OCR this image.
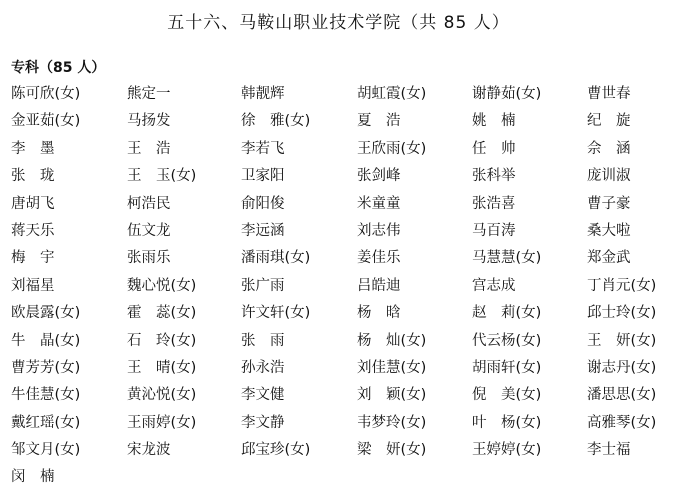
五十六、马鞍山职业技术学院（共 85 人）
专科（85 人）
陈可欣(女)	熊定一	韩靓辉	胡虹霞(女)	谢静茹(女)	曹世春
金亚茹(女)	马扬发	徐　雅(女)	夏　浩	姚　楠	纪　旋
李　墨	王　浩	李若飞	王欣雨(女)	任　帅	佘　涵
张　珑	王　玉(女)	卫家阳	张剑峰	张科举	庞训淑
唐胡飞	柯浩民	俞阳俊	米童童	张浩喜	曹子豪
蒋天乐	伍文龙	李远涵	刘志伟	马百涛	桑大啦
梅　宇	张雨乐	潘雨琪(女)	姜佳乐	马慧慧(女)	郑金武
刘福星	魏心悦(女)	张广雨	吕皓迪	宫志成	丁肖元(女)
欧晨露(女)	霍　蕊(女)	许文轩(女)	杨　晗	赵　莉(女)	邱士玲(女)
牛　晶(女)	石　玲(女)	张　雨	杨　灿(女)	代云杨(女)	王　妍(女)
曹芳芳(女)	王　晴(女)	孙永浩	刘佳慧(女)	胡雨轩(女)	谢志丹(女)
牛佳慧(女)	黄沁悦(女)	李文健	刘　颖(女)	倪　美(女)	潘思思(女)
戴红瑶(女)	王雨婷(女)	李文静	韦梦玲(女)	叶　杨(女)	高雅琴(女)
邹文月(女)	宋龙波	邱宝珍(女)	梁　妍(女)	王婷婷(女)	李士福
闵　楠
